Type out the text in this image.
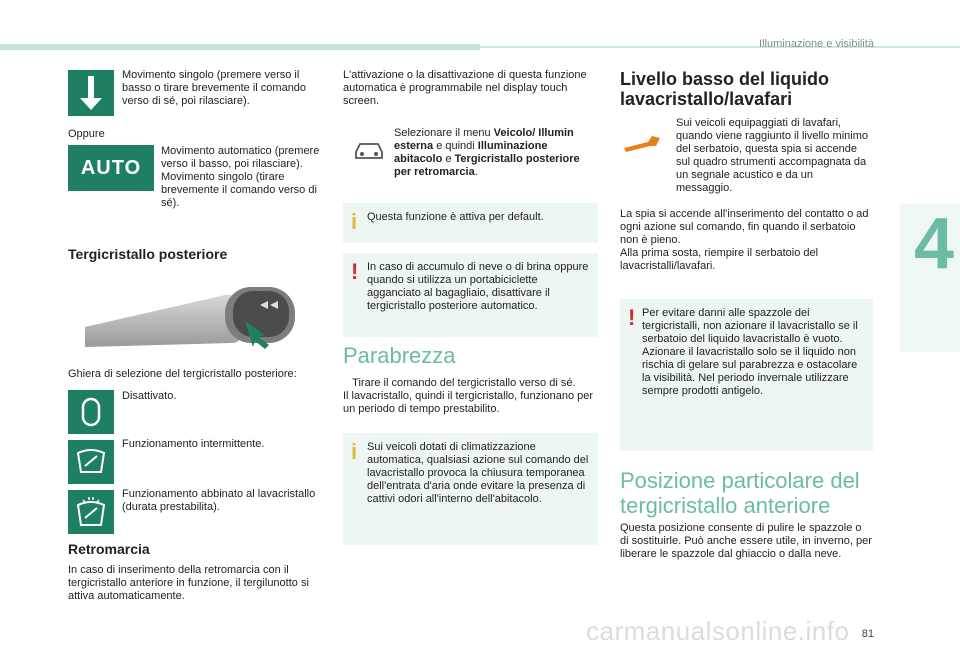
Illuminazione e visibilità
4
Movimento singolo (premere verso il basso o tirare brevemente il comando verso di sé, poi rilasciare).
Oppure
AUTO
Movimento automatico (premere verso il basso, poi rilasciare).
Movimento singolo (tirare brevemente il comando verso di sé).
Tergicristallo posteriore
Ghiera di selezione del tergicristallo posteriore:
Disattivato.
Funzionamento intermittente.
Funzionamento abbinato al lavacristallo (durata prestabilita).
Retromarcia
In caso di inserimento della retromarcia con il tergicristallo anteriore in funzione, il tergilunotto si attiva automaticamente.
L'attivazione o la disattivazione di questa funzione automatica è programmabile nel display touch screen.
Selezionare il menu Veicolo/ Illumin esterna e quindi Illuminazione abitacolo e Tergicristallo posteriore per retromarcia.
i Questa funzione è attiva per default.
! In caso di accumulo di neve o di brina oppure quando si utilizza un portabiciclette agganciato al bagagliaio, disattivare il tergicristallo posteriore automatico.
Parabrezza
Tirare il comando del tergicristallo verso di sé.
Il lavacristallo, quindi il tergicristallo, funzionano per un periodo di tempo prestabilito.
i Sui veicoli dotati di climatizzazione automatica, qualsiasi azione sul comando del lavacristallo provoca la chiusura temporanea dell'entrata d'aria onde evitare la presenza di cattivi odori all'interno dell'abitacolo.
Livello basso del liquido lavacristallo/lavafari
Sui veicoli equipaggiati di lavafari, quando viene raggiunto il livello minimo del serbatoio, questa spia si accende sul quadro strumenti accompagnata da un segnale acustico e da un messaggio.
La spia si accende all'inserimento del contatto o ad ogni azione sul comando, fin quando il serbatoio non è pieno.
Alla prima sosta, riempire il serbatoio del lavacristalli/lavafari.
! Per evitare danni alle spazzole dei tergicristalli, non azionare il lavacristallo se il serbatoio del liquido lavacristallo è vuoto.
Azionare il lavacristallo solo se il liquido non rischia di gelare sul parabrezza e ostacolare la visibilità. Nel periodo invernale utilizzare sempre prodotti antigelo.
Posizione particolare del tergicristallo anteriore
Questa posizione consente di pulire le spazzole o di sostituirle. Può anche essere utile, in inverno, per liberare le spazzole dal ghiaccio o dalla neve.
81
carmanualsonline.info
